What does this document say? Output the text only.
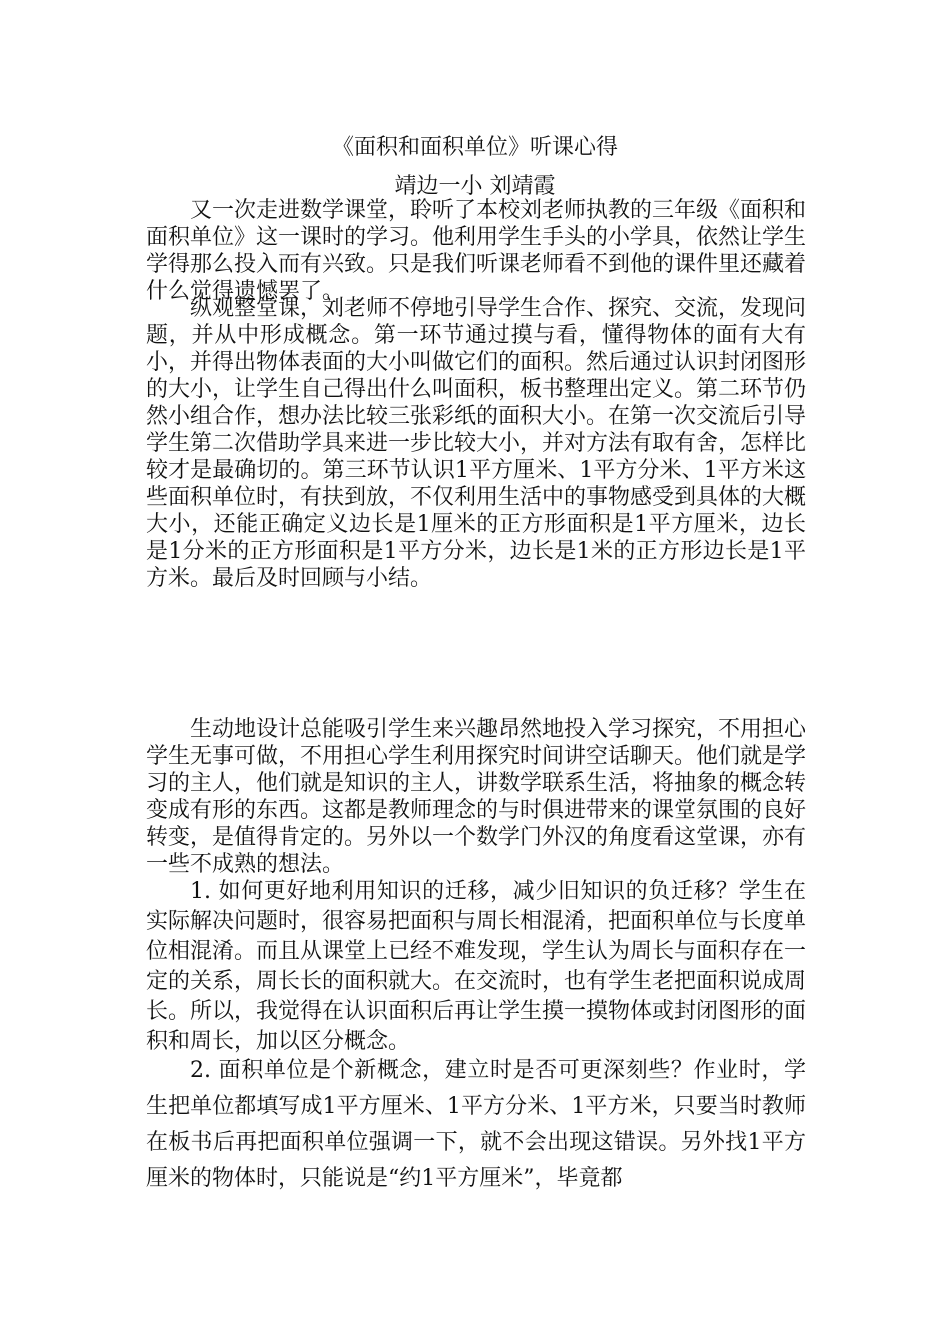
《面积和面积单位》听课心得
靖边一小 刘靖霞

又一次走进数学课堂，聆听了本校刘老师执教的三年级《面积和面积单位》这一课时的学习。他利用学生手头的小学具，依然让学生学得那么投入而有兴致。只是我们听课老师看不到他的课件里还藏着什么觉得遗憾罢了。

纵观整堂课，刘老师不停地引导学生合作、探究、交流，发现问题，并从中形成概念。第一环节通过摸与看，懂得物体的面有大有小，并得出物体表面的大小叫做它们的面积。然后通过认识封闭图形的大小，让学生自己得出什么叫面积，板书整理出定义。第二环节仍然小组合作，想办法比较三张彩纸的面积大小。在第一次交流后引导学生第二次借助学具来进一步比较大小，并对方法有取有舍，怎样比较才是最确切的。第三环节认识1平方厘米、1平方分米、1平方米这些面积单位时，有扶到放，不仅利用生活中的事物感受到具体的大概大小，还能正确定义边长是1厘米的正方形面积是1平方厘米，边长是1分米的正方形面积是1平方分米，边长是1米的正方形边长是1平方米。最后及时回顾与小结。

生动地设计总能吸引学生来兴趣昂然地投入学习探究，不用担心学生无事可做，不用担心学生利用探究时间讲空话聊天。他们就是学习的主人，他们就是知识的主人，讲数学联系生活，将抽象的概念转变成有形的东西。这都是教师理念的与时俱进带来的课堂氛围的良好转变，是值得肯定的。另外以一个数学门外汉的角度看这堂课，亦有一些不成熟的想法。

1. 如何更好地利用知识的迁移，减少旧知识的负迁移？学生在实际解决问题时，很容易把面积与周长相混淆，把面积单位与长度单位相混淆。而且从课堂上已经不难发现，学生认为周长与面积存在一定的关系，周长长的面积就大。在交流时，也有学生老把面积说成周长。所以，我觉得在认识面积后再让学生摸一摸物体或封闭图形的面积和周长，加以区分概念。

2. 面积单位是个新概念，建立时是否可更深刻些？作业时，学生把单位都填写成1平方厘米、1平方分米、1平方米，只要当时教师在板书后再把面积单位强调一下，就不会出现这错误。另外找1平方厘米的物体时，只能说是“约1平方厘米”，毕竟都
